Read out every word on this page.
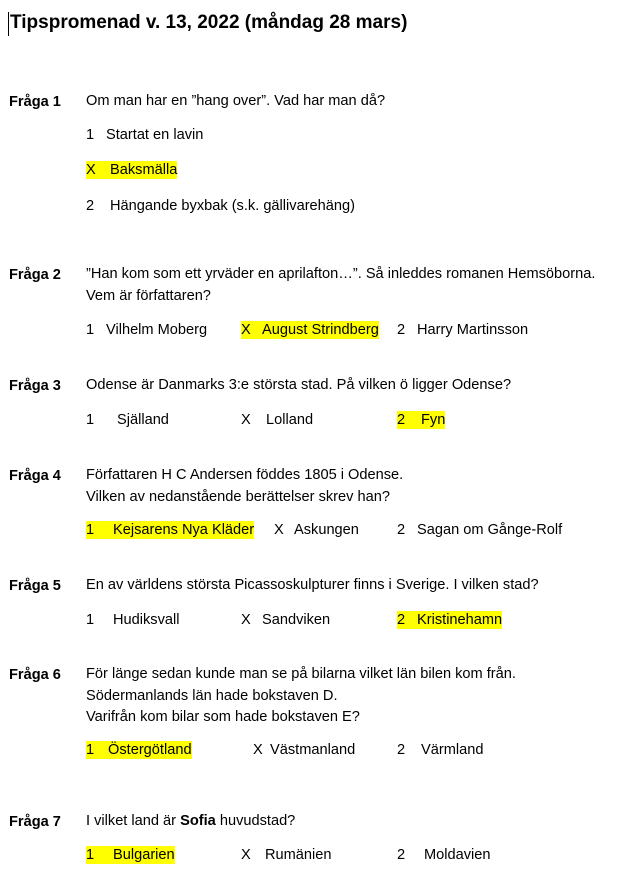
Tipspromenad v. 13, 2022 (måndag 28 mars)
Fråga 1 Om man har en ”hang over”. Vad har man då?
1 Startat en lavin
X Baksmälla
2 Hängande byxbak (s.k. gällivarehäng)
Fråga 2 ”Han kom som ett yrväder en aprilafton…”. Så inleddes romanen Hemsöborna.
Vem är författaren?
1 Vilhelm Moberg X August Strindberg 2 Harry Martinsson
Fråga 3 Odense är Danmarks 3:e största stad. På vilken ö ligger Odense?
1 Själland	X Lolland	2 Fyn
Fråga 4 Författaren H C Andersen föddes 1805 i Odense.
Vilken av nedanstående berättelser skrev han?
1 Kejsarens Nya Kläder X Askungen	2 Sagan om Gånge-Rolf
Fråga 5 En av världens största Picassoskulpturer finns i Sverige. I vilken stad?
1 Hudiksvall	X Sandviken	2 Kristinehamn
Fråga 6 För länge sedan kunde man se på bilarna vilket län bilen kom från.
Södermanlands län hade bokstaven D.
Varifrån kom bilar som hade bokstaven E?
1 Östergötland	X Västmanland	2 Värmland
Fråga 7 I vilket land är Sofia huvudstad?
1 Bulgarien	X Rumänien	2 Moldavien
